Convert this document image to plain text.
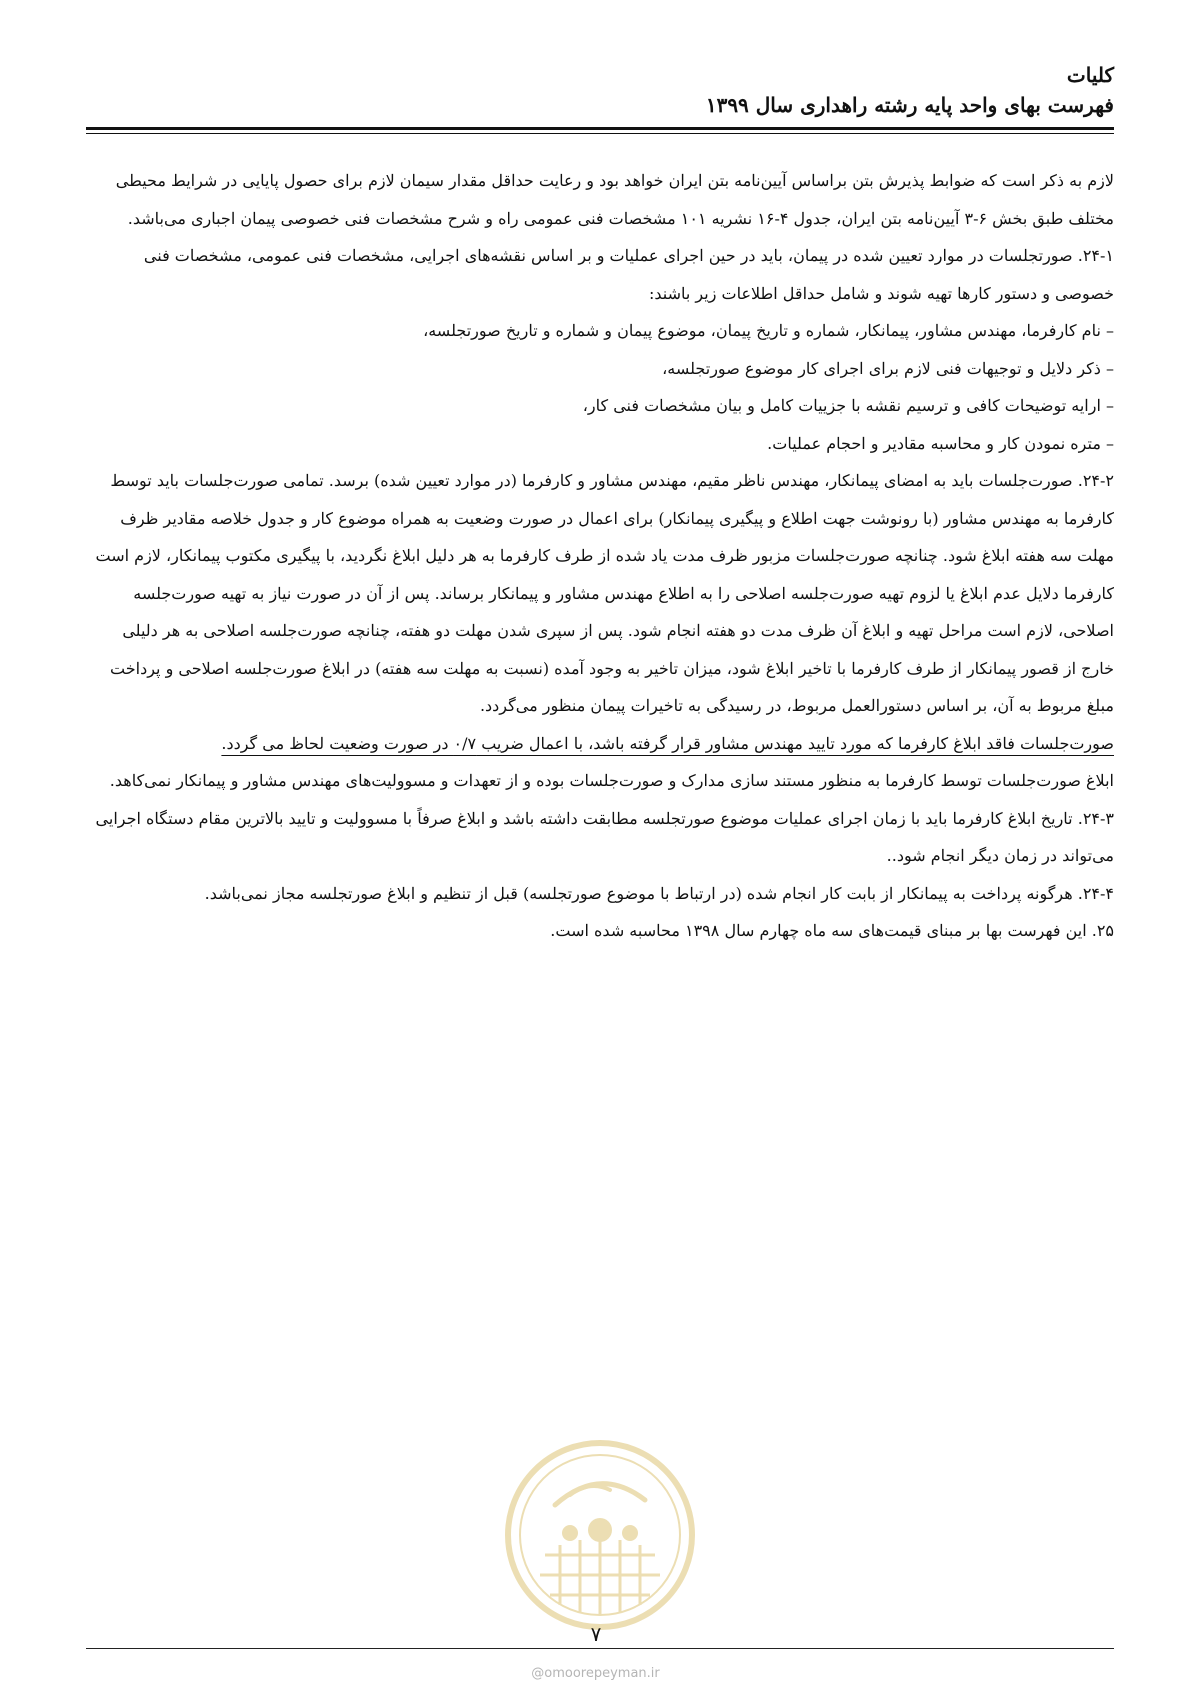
کلیات
فهرست بهای واحد پایه رشته راهداری سال ۱۳۹۹

لازم به ذکر است که ضوابط پذیرش بتن براساس آیین‌نامه بتن ایران خواهد بود و رعایت حداقل مقدار سیمان لازم برای حصول پایایی در شرایط محیطی مختلف طبق بخش ۶-۳ آیین‌نامه بتن ایران، جدول ۴-۱۶ نشریه ۱۰۱ مشخصات فنی عمومی راه و شرح مشخصات فنی خصوصی پیمان اجباری می‌باشد.

۲۴-۱. صورتجلسات در موارد تعیین شده در پیمان، باید در حین اجرای عملیات و بر اساس نقشه‌های اجرایی، مشخصات فنی عمومی، مشخصات فنی خصوصی و دستور کارها تهیه شوند و شامل حداقل اطلاعات زیر باشند:

– نام کارفرما، مهندس مشاور، پیمانکار، شماره و تاریخ پیمان، موضوع پیمان و شماره و تاریخ صورتجلسه،

– ذکر دلایل و توجیهات فنی لازم برای اجرای کار موضوع صورتجلسه،

– ارایه توضیحات کافی و ترسیم نقشه با جزییات کامل و بیان مشخصات فنی کار،

– متره نمودن کار و محاسبه مقادیر و احجام عملیات.

۲۴-۲. صورت‌جلسات باید به امضای پیمانکار، مهندس ناظر مقیم، مهندس مشاور و کارفرما (در موارد تعیین شده) برسد. تمامی صورت‌جلسات باید توسط کارفرما به مهندس مشاور (با رونوشت جهت اطلاع و پیگیری پیمانکار) برای اعمال در صورت وضعیت به همراه موضوع کار و جدول خلاصه مقادیر ظرف مهلت سه هفته ابلاغ شود. چنانچه صورت‌جلسات مزبور ظرف مدت یاد شده از طرف کارفرما به هر دلیل ابلاغ نگردید، با پیگیری مکتوب پیمانکار، لازم است کارفرما دلایل عدم ابلاغ یا لزوم تهیه صورت‌جلسه اصلاحی را به اطلاع مهندس مشاور و پیمانکار برساند. پس از آن در صورت نیاز به تهیه صورت‌جلسه اصلاحی، لازم است مراحل تهیه و ابلاغ آن ظرف مدت دو هفته انجام شود. پس از سپری شدن مهلت دو هفته، چنانچه صورت‌جلسه اصلاحی به هر دلیلی خارج از قصور پیمانکار از طرف کارفرما با تاخیر ابلاغ شود، میزان تاخیر به وجود آمده (نسبت به مهلت سه هفته) در ابلاغ صورت‌جلسه اصلاحی و پرداخت مبلغ مربوط به آن، بر اساس دستورالعمل مربوط، در رسیدگی به تاخیرات پیمان منظور می‌گردد.

صورت‌جلسات فاقد ابلاغ کارفرما که مورد تایید مهندس مشاور قرار گرفته باشد، با اعمال ضریب ۰/۷ در صورت وضعیت لحاظ می گردد.

ابلاغ صورت‌جلسات توسط کارفرما به منظور مستند سازی مدارک و صورت‌جلسات بوده و از تعهدات و مسوولیت‌های مهندس مشاور و پیمانکار نمی‌کاهد.

۲۴-۳. تاریخ ابلاغ کارفرما باید با زمان اجرای عملیات موضوع صورتجلسه مطابقت داشته باشد و ابلاغ صرفاً با مسوولیت و تایید بالاترین مقام دستگاه اجرایی می‌تواند در زمان دیگر انجام شود..

۲۴-۴. هرگونه پرداخت به پیمانکار از بابت کار انجام شده (در ارتباط با موضوع صورتجلسه) قبل از تنظیم و ابلاغ صورتجلسه مجاز نمی‌باشد.

۲۵. این فهرست بها بر مبنای قیمت‌های سه ماه چهارم سال ۱۳۹۸ محاسبه شده است.

۷
@omoorepeyman.ir
